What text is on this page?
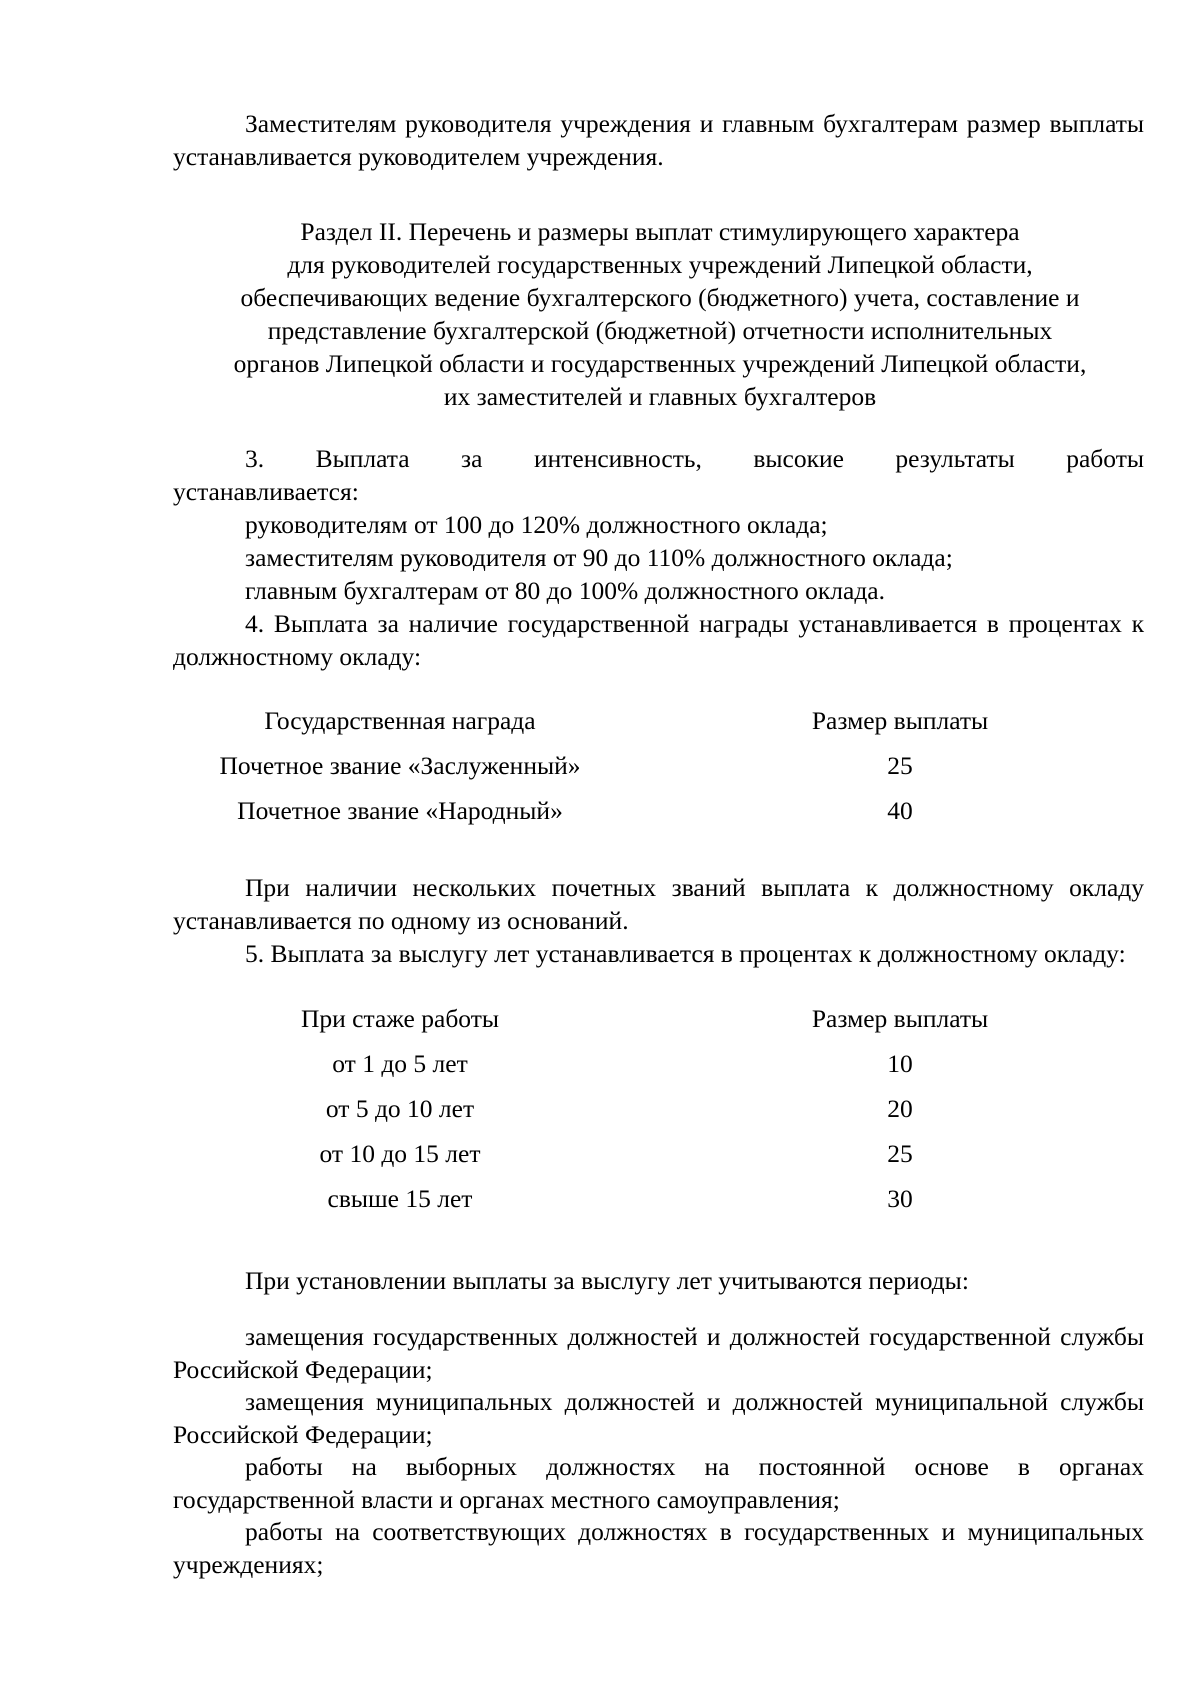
Заместителям руководителя учреждения и главным бухгалтерам размер выплаты устанавливается руководителем учреждения.

Раздел II. Перечень и размеры выплат стимулирующего характера

для руководителей государственных учреждений Липецкой области,

обеспечивающих ведение бухгалтерского (бюджетного) учета, составление и

представление бухгалтерской (бюджетной) отчетности исполнительных

органов Липецкой области и государственных учреждений Липецкой области,

их заместителей и главных бухгалтеров

3. Выплата за интенсивность, высокие результаты работы

устанавливается:

руководителям от 100 до 120% должностного оклада;

заместителям руководителя от 90 до 110% должностного оклада;

главным бухгалтерам от 80 до 100% должностного оклада.

4. Выплата за наличие государственной награды устанавливается в процентах к должностному окладу:

Государственная награда	Размер выплаты
Почетное звание «Заслуженный»	25
Почетное звание «Народный»	40

При наличии нескольких почетных званий выплата к должностному окладу устанавливается по одному из оснований.

5. Выплата за выслугу лет устанавливается в процентах к должностному окладу:

При стаже работы	Размер выплаты
от 1 до 5 лет	10
от 5 до 10 лет	20
от 10 до 15 лет	25
свыше 15 лет	30

При установлении выплаты за выслугу лет учитываются периоды:

замещения государственных должностей и должностей государственной службы Российской Федерации;

замещения муниципальных должностей и должностей муниципальной службы Российской Федерации;

работы на выборных должностях на постоянной основе в органах государственной власти и органах местного самоуправления;

работы на соответствующих должностях в государственных и муниципальных учреждениях;
